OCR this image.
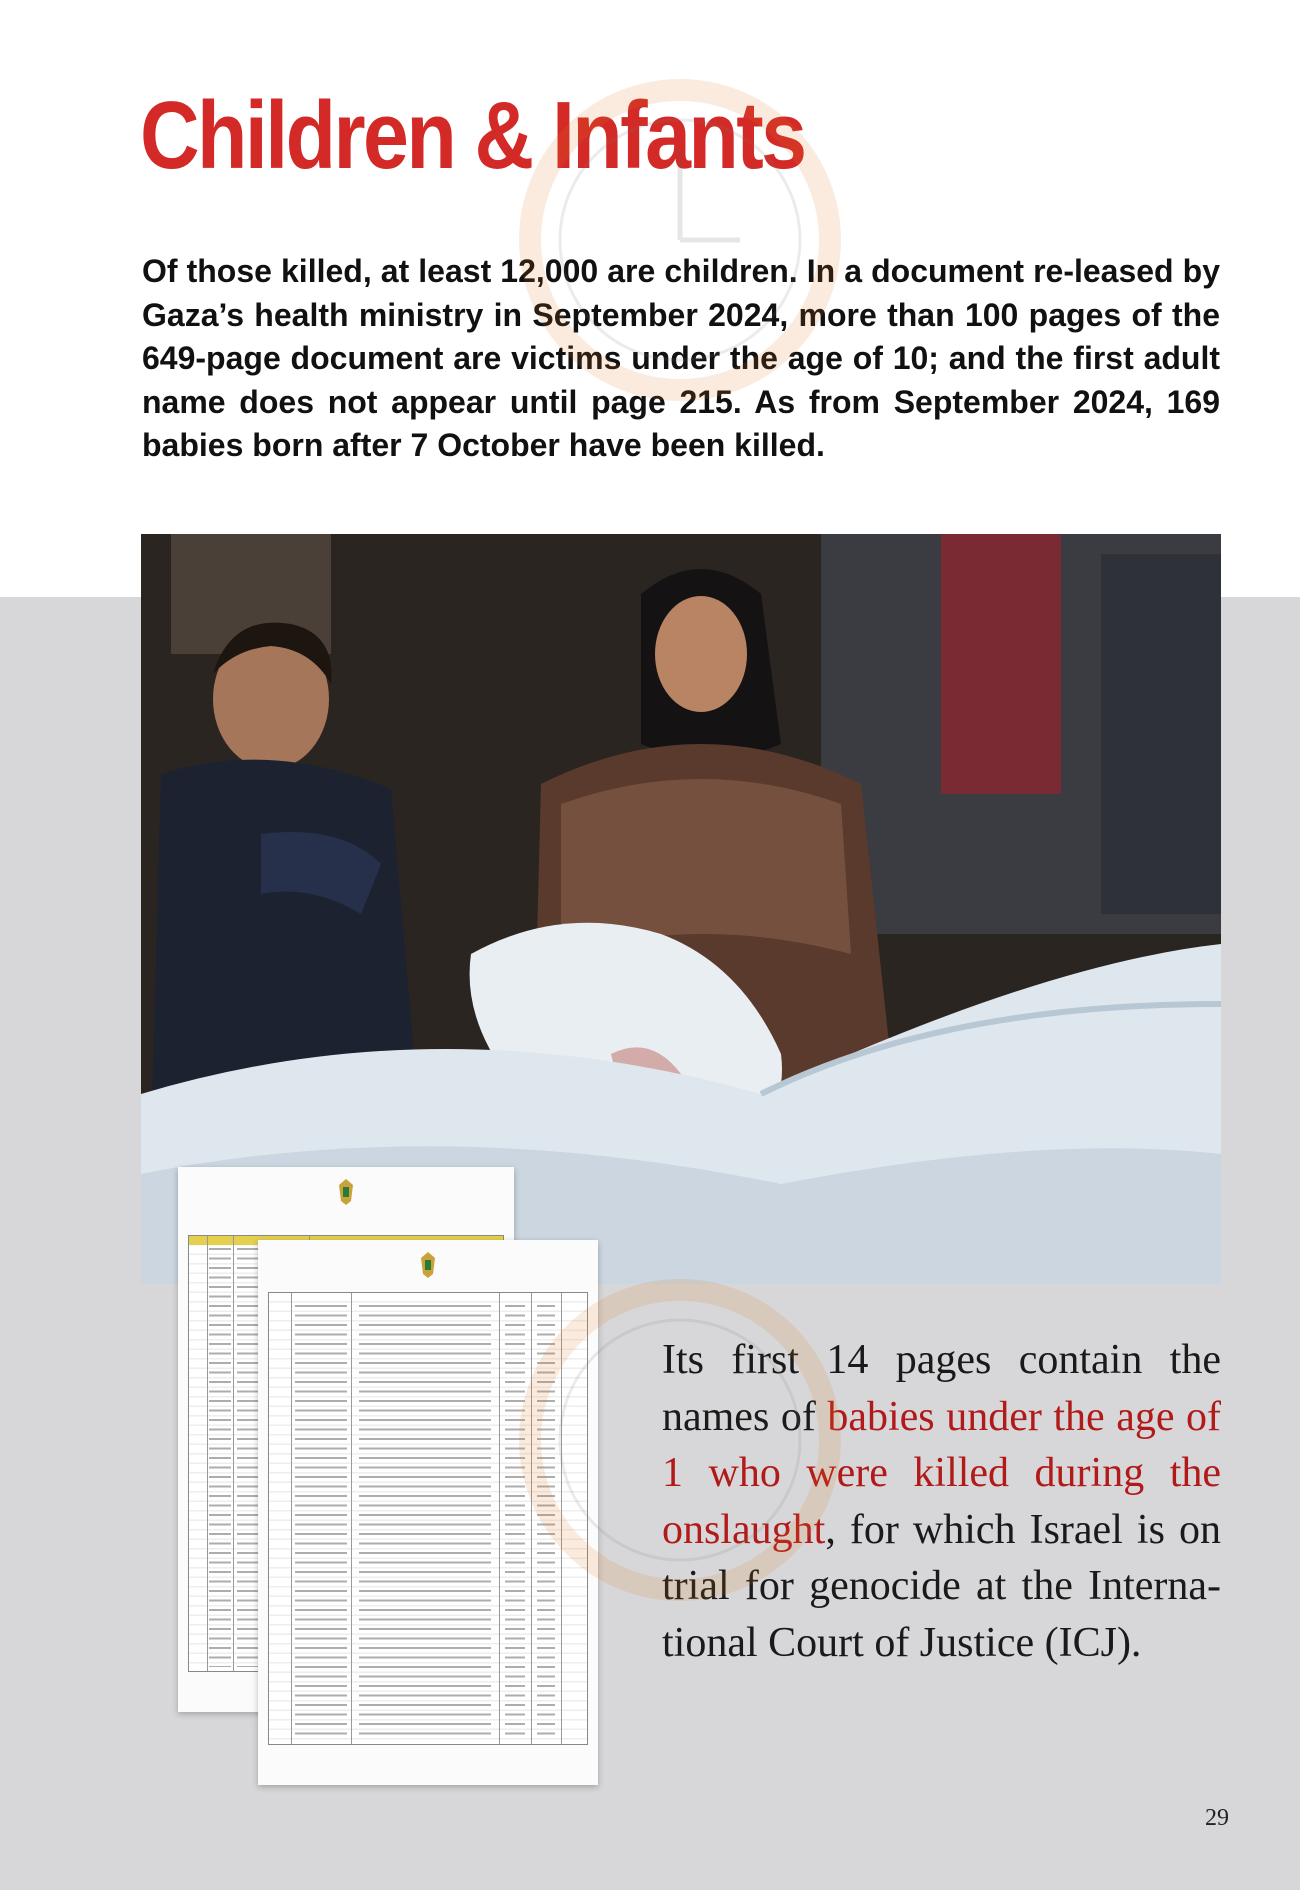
Children & Infants

Of those killed, at least 12,000 are children. In a document re-leased by Gaza’s health ministry in September 2024, more than 100 pages of the 649-page document are victims under the age of 10; and the first adult name does not appear until page 215. As from September 2024, 169 babies born after 7 October have been killed.

Its first 14 pages contain the names of babies under the age of 1 who were killed during the onslaught, for which Israel is on trial for genocide at the Interna-tional Court of Justice (ICJ).

29
